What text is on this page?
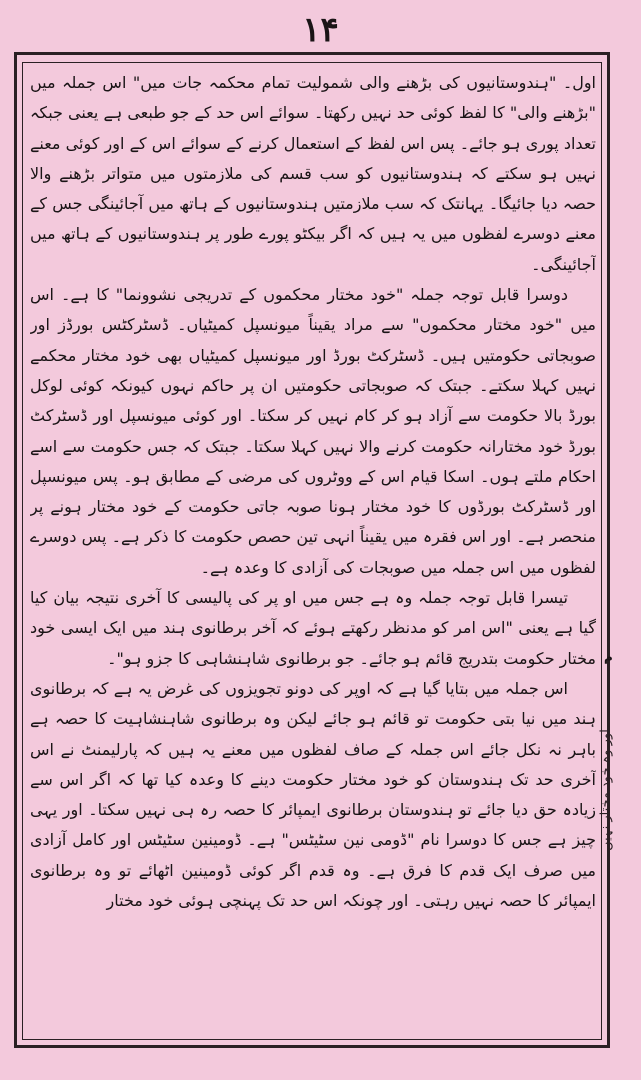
۱۴

اول۔ "ہندوستانیوں کی بڑھنے والی شمولیت تمام محکمہ جات میں" اس جملہ میں "بڑھنے والی" کا لفظ کوئی حد نہیں رکھتا۔ سوائے اس حد کے جو طبعی ہے یعنی جبکہ تعداد پوری ہو جائے۔ پس اس لفظ کے استعمال کرنے کے سوائے اس کے اور کوئی معنے نہیں ہو سکتے کہ ہندوستانیوں کو سب قسم کی ملازمتوں میں متواتر بڑھنے والا حصہ دیا جائیگا۔ یہانتک کہ سب ملازمتیں ہندوستانیوں کے ہاتھ میں آجائینگی جس کے معنے دوسرے لفظوں میں یہ ہیں کہ اگر بیکٹو پورے طور پر ہندوستانیوں کے ہاتھ میں آجائینگی۔

دوسرا قابل توجہ جملہ "خود مختار محکموں کے تدریجی نشوونما" کا ہے۔ اس میں "خود مختار محکموں" سے مراد یقیناً میونسپل کمیٹیاں۔ ڈسٹرکٹس بورڈز اور صوبجاتی حکومتیں ہیں۔ ڈسٹرکٹ بورڈ اور میونسپل کمیٹیاں بھی خود مختار محکمے نہیں کہلا سکتے۔ جبتک کہ صوبجاتی حکومتیں ان پر حاکم نہوں کیونکہ کوئی لوکل بورڈ بالا حکومت سے آزاد ہو کر کام نہیں کر سکتا۔ اور کوئی میونسپل اور ڈسٹرکٹ بورڈ خود مختارانہ حکومت کرنے والا نہیں کہلا سکتا۔ جبتک کہ جس حکومت سے اسے احکام ملتے ہوں۔ اسکا قیام اس کے ووٹروں کی مرضی کے مطابق ہو۔ پس میونسپل اور ڈسٹرکٹ بورڈوں کا خود مختار ہونا صوبہ جاتی حکومت کے خود مختار ہونے پر منحصر ہے۔ اور اس فقرہ میں یقیناً انہی تین حصص حکومت کا ذکر ہے۔ پس دوسرے لفظوں میں اس جملہ میں صوبجات کی آزادی کا وعدہ ہے۔

تیسرا قابل توجہ جملہ وہ ہے جس میں او پر کی پالیسی کا آخری نتیجہ بیان کیا گیا ہے یعنی "اس امر کو مدنظر رکھتے ہوئے کہ آخر برطانوی ہند میں ایک ایسی خود مختار حکومت بتدریج قائم ہو جائے۔ جو برطانوی شاہنشاہی کا جزو ہو"۔

اس جملہ میں بتایا گیا ہے کہ اوپر کی دونو تجویزوں کی غرض یہ ہے کہ برطانوی ہند میں نیا بتی حکومت تو قائم ہو جائے لیکن وہ برطانوی شاہنشاہیت کا حصہ ہے باہر نہ نکل جائے اس جملہ کے صاف لفظوں میں معنے یہ ہیں کہ پارلیمنٹ نے اس آخری حد تک ہندوستان کو خود مختار حکومت دینے کا وعدہ کیا تھا کہ اگر اس سے زیادہ حق دیا جائے تو ہندوستان برطانوی ایمپائر کا حصہ رہ ہی نہیں سکتا۔ اور یہی چیز ہے جس کا دوسرا نام "ڈومی نین سٹیٹس" ہے۔ ڈومینین سٹیٹس اور کامل آزادی میں صرف ایک قدم کا فرق ہے۔ وہ قدم اگر کوئی ڈومینین اٹھائے تو وہ برطانوی ایمپائر کا حصہ نہیں رہتی۔ اور چونکہ اس حد تک پہنچی ہوئی خود مختار

م
اور وہ خود مختار نہیں
